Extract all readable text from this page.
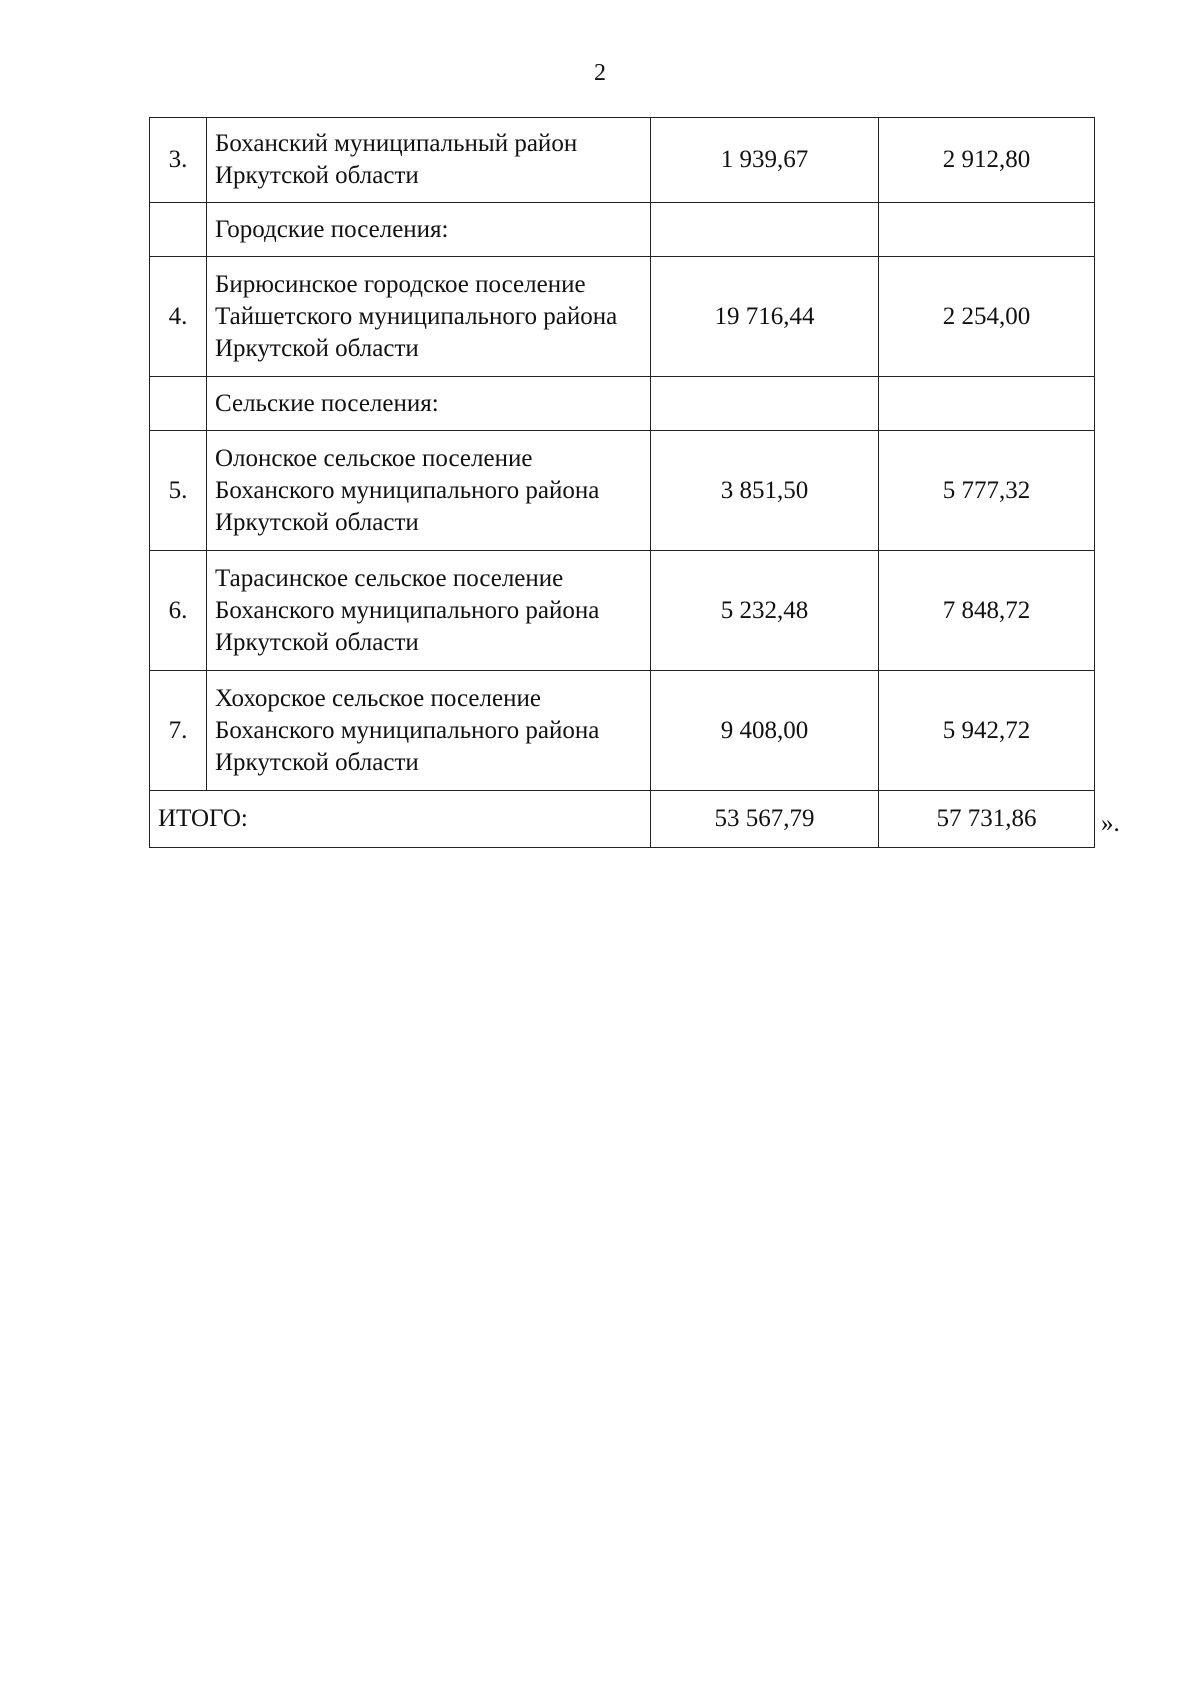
2
3.	Боханский муниципальный район Иркутской области	1 939,67	2 912,80
	Городские поселения:		
4.	Бирюсинское городское поселение Тайшетского муниципального района Иркутской области	19 716,44	2 254,00
	Сельские поселения:		
5.	Олонское сельское поселение Боханского муниципального района Иркутской области	3 851,50	5 777,32
6.	Тарасинское сельское поселение Боханского муниципального района Иркутской области	5 232,48	7 848,72
7.	Хохорское сельское поселение Боханского муниципального района Иркутской области	9 408,00	5 942,72
ИТОГО:		53 567,79	57 731,86	».
